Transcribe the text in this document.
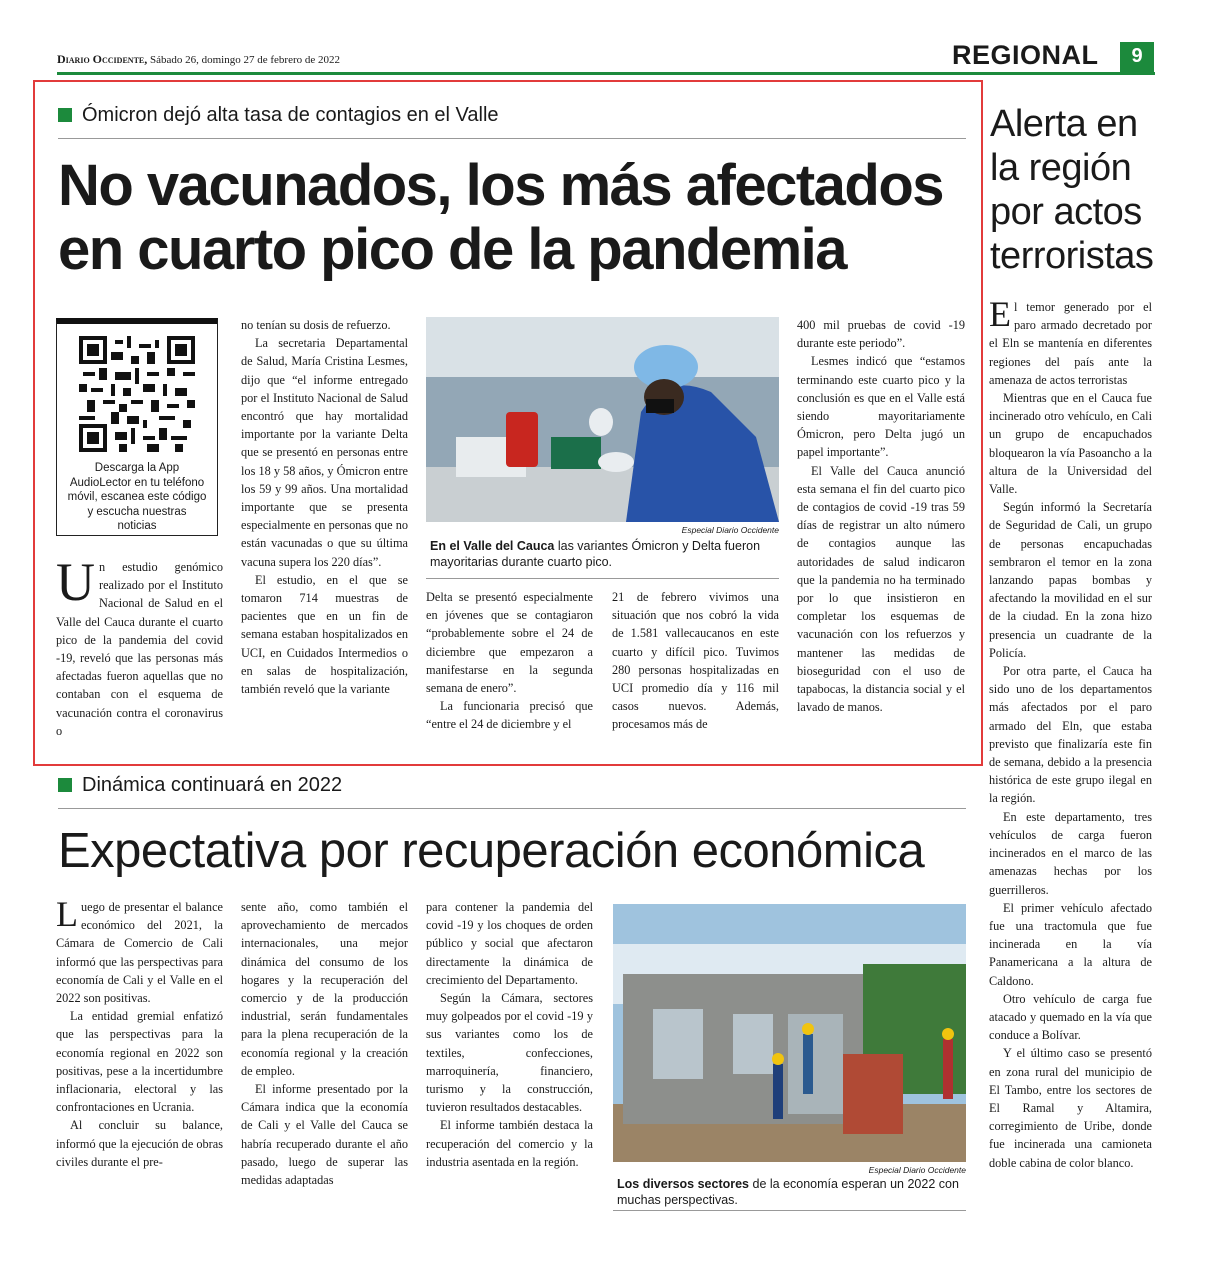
Diario Occidente, Sábado 26, domingo 27 de febrero de 2022	REGIONAL	9
Ómicron dejó alta tasa de contagios en el Valle
No vacunados, los más afectados en cuarto pico de la pandemia
Descarga la App AudioLector en tu teléfono móvil, escanea este código y escucha nuestras noticias
U n estudio genómico realizado por el Instituto Nacional de Salud en el Valle del Cauca durante el cuarto pico de la pandemia del covid -19, reveló que las personas más afectadas fueron aquellas que no contaban con el esquema de vacunación contra el coronavirus o

no tenían su dosis de refuerzo.

La secretaria Departamental de Salud, María Cristina Lesmes, dijo que “el informe entregado por el Instituto Nacional de Salud encontró que hay mortalidad importante por la variante Delta que se presentó en personas entre los 18 y 58 años, y Ómicron entre los 59 y 99 años. Una mortalidad importante que se presenta especialmente en personas que no están vacunadas o que su última vacuna supera los 220 días”.

El estudio, en el que se tomaron 714 muestras de pacientes que en un fin de semana estaban hospitalizados en UCI, en Cuidados Intermedios o en salas de hospitalización, también reveló que la variante

Especial Diario Occidente
En el Valle del Cauca las variantes Ómicron y Delta fueron mayoritarias durante cuarto pico.

Delta se presentó especialmente en jóvenes que se contagiaron “probablemente sobre el 24 de diciembre que empezaron a manifestarse en la segunda semana de enero”.

La funcionaria precisó que “entre el 24 de diciembre y el

21 de febrero vivimos una situación que nos cobró la vida de 1.581 vallecaucanos en este cuarto y difícil pico. Tuvimos 280 personas hospitalizadas en UCI promedio día y 116 mil casos nuevos. Además, procesamos más de

400 mil pruebas de covid -19 durante este periodo”.

Lesmes indicó que “estamos terminando este cuarto pico y la conclusión es que en el Valle está siendo mayoritariamente Ómicron, pero Delta jugó un papel importante”.

El Valle del Cauca anunció esta semana el fin del cuarto pico de contagios de covid -19 tras 59 días de registrar un alto número de contagios aunque las autoridades de salud indicaron que la pandemia no ha terminado por lo que insistieron en completar los esquemas de vacunación con los refuerzos y mantener las medidas de bioseguridad con el uso de tapabocas, la distancia social y el lavado de manos.

Dinámica continuará en 2022
Expectativa por recuperación económica
L uego de presentar el balance económico del 2021, la Cámara de Comercio de Cali informó que las perspectivas para economía de Cali y el Valle en el 2022 son positivas.

La entidad gremial enfatizó que las perspectivas para la economía regional en 2022 son positivas, pese a la incertidumbre inflacionaria, electoral y las confrontaciones en Ucrania.

Al concluir su balance, informó que la ejecución de obras civiles durante el pre-

sente año, como también el aprovechamiento de mercados internacionales, una mejor dinámica del consumo de los hogares y la recuperación del comercio y de la producción industrial, serán fundamentales para la plena recuperación de la economía regional y la creación de empleo.

El informe presentado por la Cámara indica que la economía de Cali y el Valle del Cauca se habría recuperado durante el año pasado, luego de superar las medidas adaptadas

para contener la pandemia del covid -19 y los choques de orden público y social que afectaron directamente la dinámica de crecimiento del Departamento.

Según la Cámara, sectores muy golpeados por el covid -19 y sus variantes como los de textiles, confecciones, marroquinería, financiero, turismo y la construcción, tuvieron resultados destacables.

El informe también destaca la recuperación del comercio y la industria asentada en la región.

Especial Diario Occidente
Los diversos sectores de la economía esperan un 2022 con muchas perspectivas.
Alerta en la región por actos terroristas
E l temor generado por el paro armado decretado por el Eln se mantenía en diferentes regiones del país ante la amenaza de actos terroristas

Mientras que en el Cauca fue incinerado otro vehículo, en Cali un grupo de encapuchados bloquearon la vía Pasoancho a la altura de la Universidad del Valle.

Según informó la Secretaría de Seguridad de Cali, un grupo de personas encapuchadas sembraron el temor en la zona lanzando papas bombas y afectando la movilidad en el sur de la ciudad. En la zona hizo presencia un cuadrante de la Policía.

Por otra parte, el Cauca ha sido uno de los departamentos más afectados por el paro armado del Eln, que estaba previsto que finalizaría este fin de semana, debido a la presencia histórica de este grupo ilegal en la región.

En este departamento, tres vehículos de carga fueron incinerados en el marco de las amenazas hechas por los guerrilleros.

El primer vehículo afectado fue una tractomula que fue incinerada en la vía Panamericana a la altura de Caldono.

Otro vehículo de carga fue atacado y quemado en la vía que conduce a Bolívar.

Y el último caso se presentó en zona rural del municipio de El Tambo, entre los sectores de El Ramal y Altamira, corregimiento de Uribe, donde fue incinerada una camioneta doble cabina de color blanco.
